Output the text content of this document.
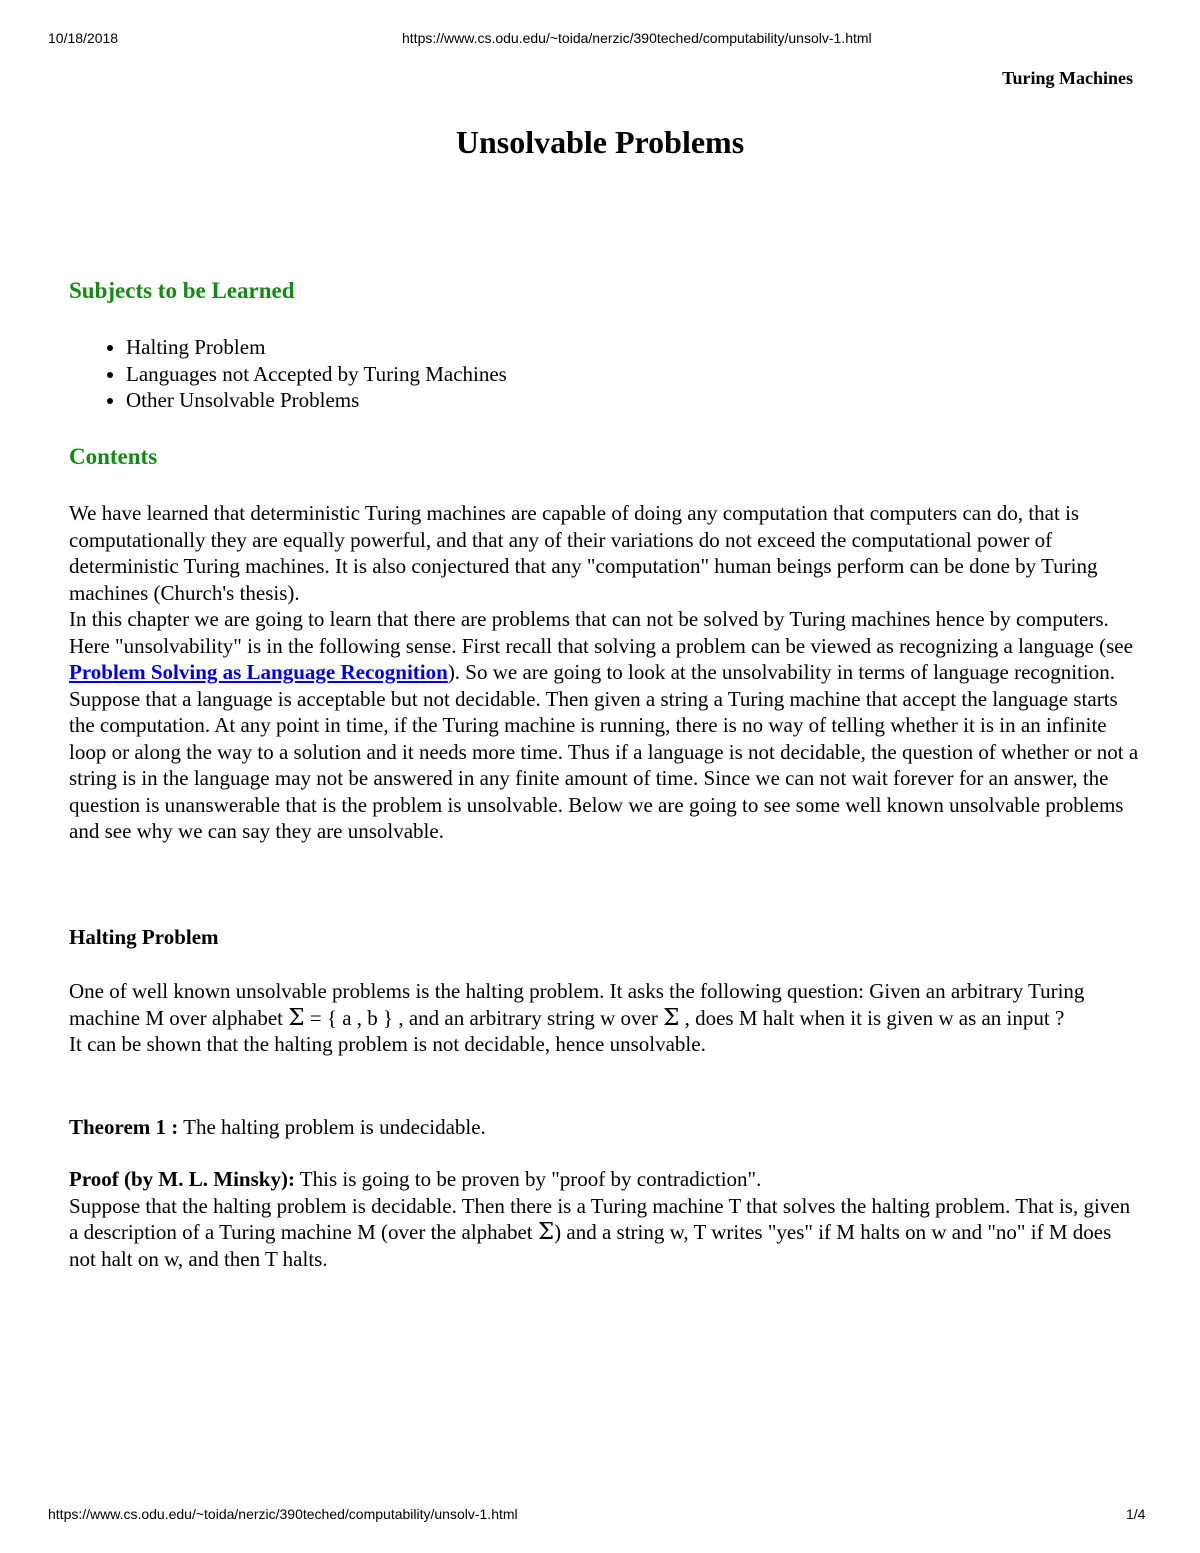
10/18/2018	https://www.cs.odu.edu/~toida/nerzic/390teched/computability/unsolv-1.html
Turing Machines
Unsolvable Problems
Subjects to be Learned
• Halting Problem
• Languages not Accepted by Turing Machines
• Other Unsolvable Problems
Contents
We have learned that deterministic Turing machines are capable of doing any computation that computers can do, that is computationally they are equally powerful, and that any of their variations do not exceed the computational power of deterministic Turing machines. It is also conjectured that any "computation" human beings perform can be done by Turing machines (Church's thesis).
In this chapter we are going to learn that there are problems that can not be solved by Turing machines hence by computers. Here "unsolvability" is in the following sense. First recall that solving a problem can be viewed as recognizing a language (see Problem Solving as Language Recognition). So we are going to look at the unsolvability in terms of language recognition. Suppose that a language is acceptable but not decidable. Then given a string a Turing machine that accept the language starts the computation. At any point in time, if the Turing machine is running, there is no way of telling whether it is in an infinite loop or along the way to a solution and it needs more time. Thus if a language is not decidable, the question of whether or not a string is in the language may not be answered in any finite amount of time. Since we can not wait forever for an answer, the question is unanswerable that is the problem is unsolvable. Below we are going to see some well known unsolvable problems and see why we can say they are unsolvable.
Halting Problem
One of well known unsolvable problems is the halting problem. It asks the following question: Given an arbitrary Turing machine M over alphabet Σ = { a , b } , and an arbitrary string w over Σ , does M halt when it is given w as an input ?
It can be shown that the halting problem is not decidable, hence unsolvable.
Theorem 1 : The halting problem is undecidable.
Proof (by M. L. Minsky): This is going to be proven by "proof by contradiction".
Suppose that the halting problem is decidable. Then there is a Turing machine T that solves the halting problem. That is, given a description of a Turing machine M (over the alphabet Σ) and a string w, T writes "yes" if M halts on w and "no" if M does not halt on w, and then T halts.
https://www.cs.odu.edu/~toida/nerzic/390teched/computability/unsolv-1.html	1/4
